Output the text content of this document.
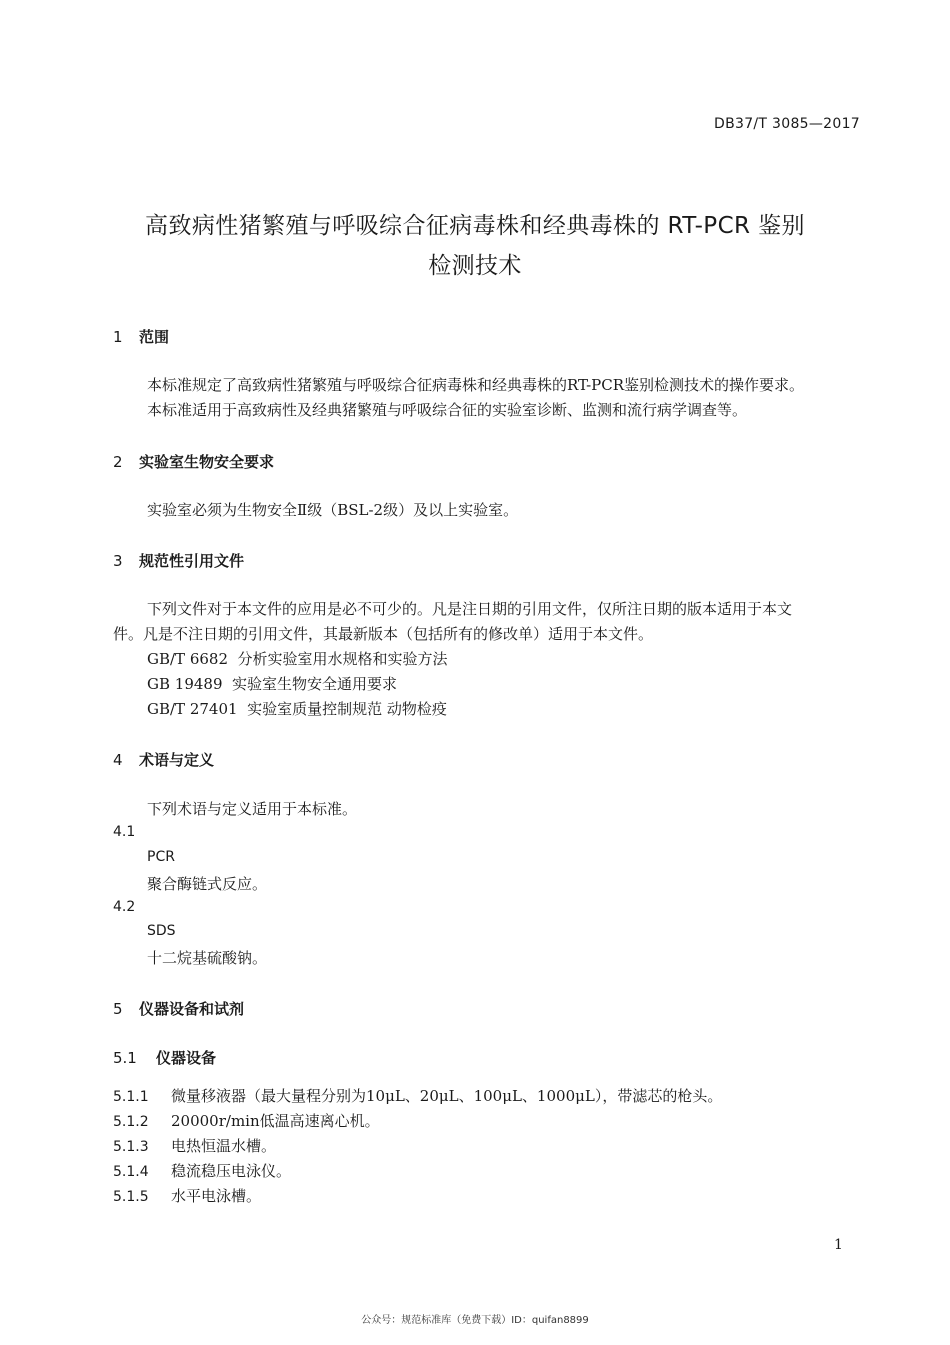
DB37/T 3085—2017
高致病性猪繁殖与呼吸综合征病毒株和经典毒株的 RT-PCR 鉴别
检测技术
1 范围
本标准规定了高致病性猪繁殖与呼吸综合征病毒株和经典毒株的RT-PCR鉴别检测技术的操作要求。
本标准适用于高致病性及经典猪繁殖与呼吸综合征的实验室诊断、监测和流行病学调查等。
2 实验室生物安全要求
实验室必须为生物安全Ⅱ级（BSL-2级）及以上实验室。
3 规范性引用文件
下列文件对于本文件的应用是必不可少的。凡是注日期的引用文件，仅所注日期的版本适用于本文
件。凡是不注日期的引用文件，其最新版本（包括所有的修改单）适用于本文件。
GB/T 6682  分析实验室用水规格和实验方法
GB 19489  实验室生物安全通用要求
GB/T 27401  实验室质量控制规范 动物检疫
4 术语与定义
下列术语与定义适用于本标准。
4.1
PCR
聚合酶链式反应。
4.2
SDS
十二烷基硫酸钠。
5 仪器设备和试剂
5.1 仪器设备
5.1.1 微量移液器（最大量程分别为10μL、20μL、100μL、1000μL），带滤芯的枪头。
5.1.2 20000r/min低温高速离心机。
5.1.3 电热恒温水槽。
5.1.4 稳流稳压电泳仪。
5.1.5 水平电泳槽。
1
公众号：规范标准库（免费下载）ID：quifan8899
